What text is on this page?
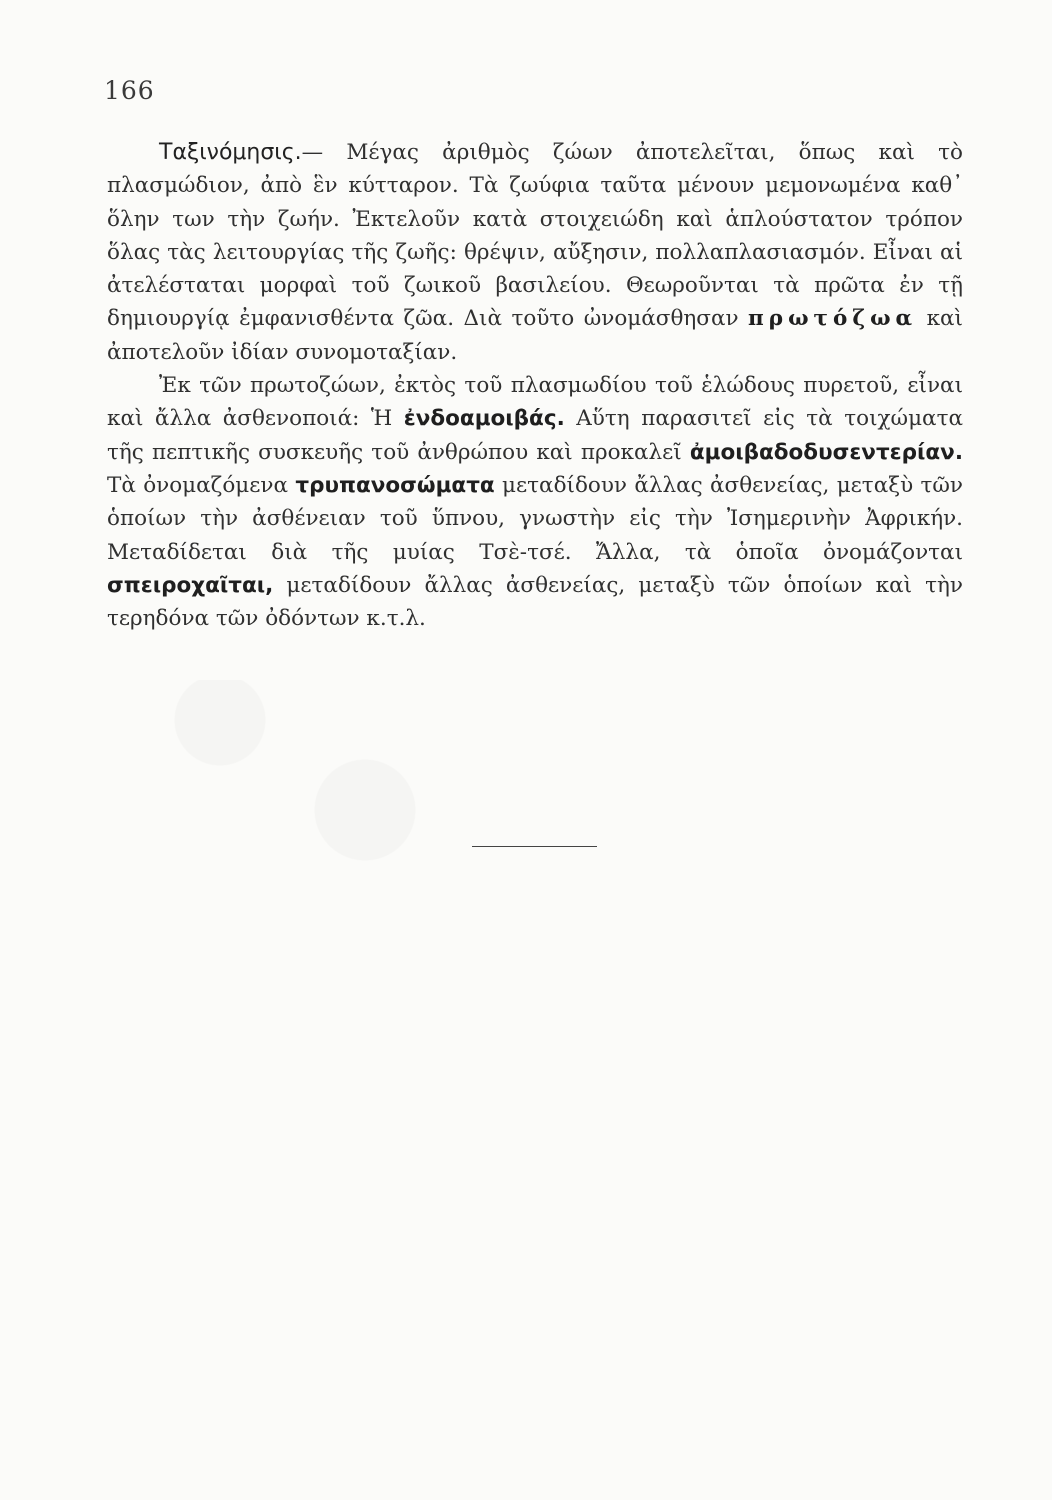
166

Ταξινόμησις.— Μέγας ἀριθμὸς ζώων ἀποτελεῖται, ὅπως καὶ τὸ πλασμώδιον, ἀπὸ ἓν κύτταρον. Τὰ ζωύφια ταῦτα μένουν μεμονωμένα καθ᾽ ὅλην των τὴν ζωήν. Ἐκτελοῦν κατὰ στοιχειώδη καὶ ἁπλούστατον τρόπον ὅλας τὰς λειτουργίας τῆς ζωῆς: θρέψιν, αὔξησιν, πολλαπλασιασμόν. Εἶναι αἱ ἀτελέσταται μορφαὶ τοῦ ζωικοῦ βασιλείου. Θεωροῦνται τὰ πρῶτα ἐν τῇ δημιουργίᾳ ἐμφανισθέντα ζῶα. Διὰ τοῦτο ὠνομάσθησαν πρωτόζωα καὶ ἀποτελοῦν ἰδίαν συνομοταξίαν.

Ἐκ τῶν πρωτοζώων, ἐκτὸς τοῦ πλασμωδίου τοῦ ἑλώδους πυρετοῦ, εἶναι καὶ ἄλλα ἀσθενοποιά: Ἡ ἐνδοαμοιβάς. Αὕτη παρασιτεῖ εἰς τὰ τοιχώματα τῆς πεπτικῆς συσκευῆς τοῦ ἀνθρώπου καὶ προκαλεῖ ἀμοιβαδοδυσεντερίαν. Τὰ ὀνομαζόμενα τρυπανοσώματα μεταδίδουν ἄλλας ἀσθενείας, μεταξὺ τῶν ὁποίων τὴν ἀσθένειαν τοῦ ὕπνου, γνωστὴν εἰς τὴν Ἰσημερινὴν Ἀφρικήν. Μεταδίδεται διὰ τῆς μυίας Τσὲ-τσέ. Ἄλλα, τὰ ὁποῖα ὀνομάζονται σπειροχαῖται, μεταδίδουν ἄλλας ἀσθενείας, μεταξὺ τῶν ὁποίων καὶ τὴν τερηδόνα τῶν ὀδόντων κ.τ.λ.
